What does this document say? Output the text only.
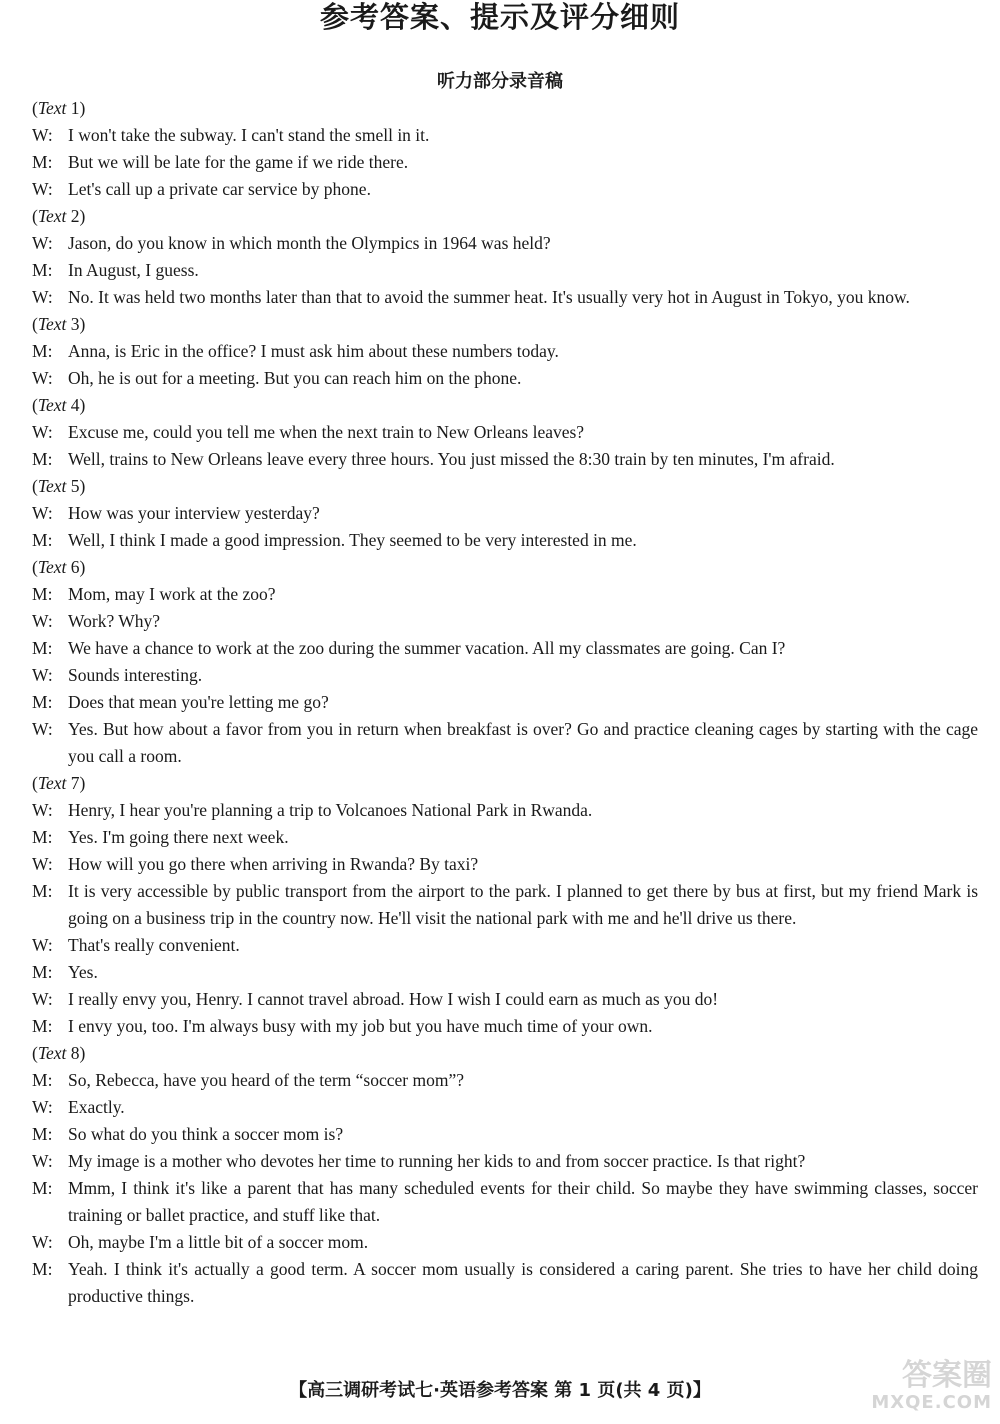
参考答案、提示及评分细则
听力部分录音稿
(Text 1)
W: I won't take the subway. I can't stand the smell in it.
M: But we will be late for the game if we ride there.
W: Let's call up a private car service by phone.
(Text 2)
W: Jason, do you know in which month the Olympics in 1964 was held?
M: In August, I guess.
W: No. It was held two months later than that to avoid the summer heat. It's usually very hot in August in Tokyo, you know.
(Text 3)
M: Anna, is Eric in the office? I must ask him about these numbers today.
W: Oh, he is out for a meeting. But you can reach him on the phone.
(Text 4)
W: Excuse me, could you tell me when the next train to New Orleans leaves?
M: Well, trains to New Orleans leave every three hours. You just missed the 8:30 train by ten minutes, I'm afraid.
(Text 5)
W: How was your interview yesterday?
M: Well, I think I made a good impression. They seemed to be very interested in me.
(Text 6)
M: Mom, may I work at the zoo?
W: Work? Why?
M: We have a chance to work at the zoo during the summer vacation. All my classmates are going. Can I?
W: Sounds interesting.
M: Does that mean you're letting me go?
W: Yes. But how about a favor from you in return when breakfast is over? Go and practice cleaning cages by starting with the cage you call a room.
(Text 7)
W: Henry, I hear you're planning a trip to Volcanoes National Park in Rwanda.
M: Yes. I'm going there next week.
W: How will you go there when arriving in Rwanda? By taxi?
M: It is very accessible by public transport from the airport to the park. I planned to get there by bus at first, but my friend Mark is going on a business trip in the country now. He'll visit the national park with me and he'll drive us there.
W: That's really convenient.
M: Yes.
W: I really envy you, Henry. I cannot travel abroad. How I wish I could earn as much as you do!
M: I envy you, too. I'm always busy with my job but you have much time of your own.
(Text 8)
M: So, Rebecca, have you heard of the term “soccer mom”?
W: Exactly.
M: So what do you think a soccer mom is?
W: My image is a mother who devotes her time to running her kids to and from soccer practice. Is that right?
M: Mmm, I think it's like a parent that has many scheduled events for their child. So maybe they have swimming classes, soccer training or ballet practice, and stuff like that.
W: Oh, maybe I'm a little bit of a soccer mom.
M: Yeah. I think it's actually a good term. A soccer mom usually is considered a caring parent. She tries to have her child doing productive things.
【高三调研考试七·英语参考答案 第 1 页(共 4 页)】	答案圈
MXQE.COM
